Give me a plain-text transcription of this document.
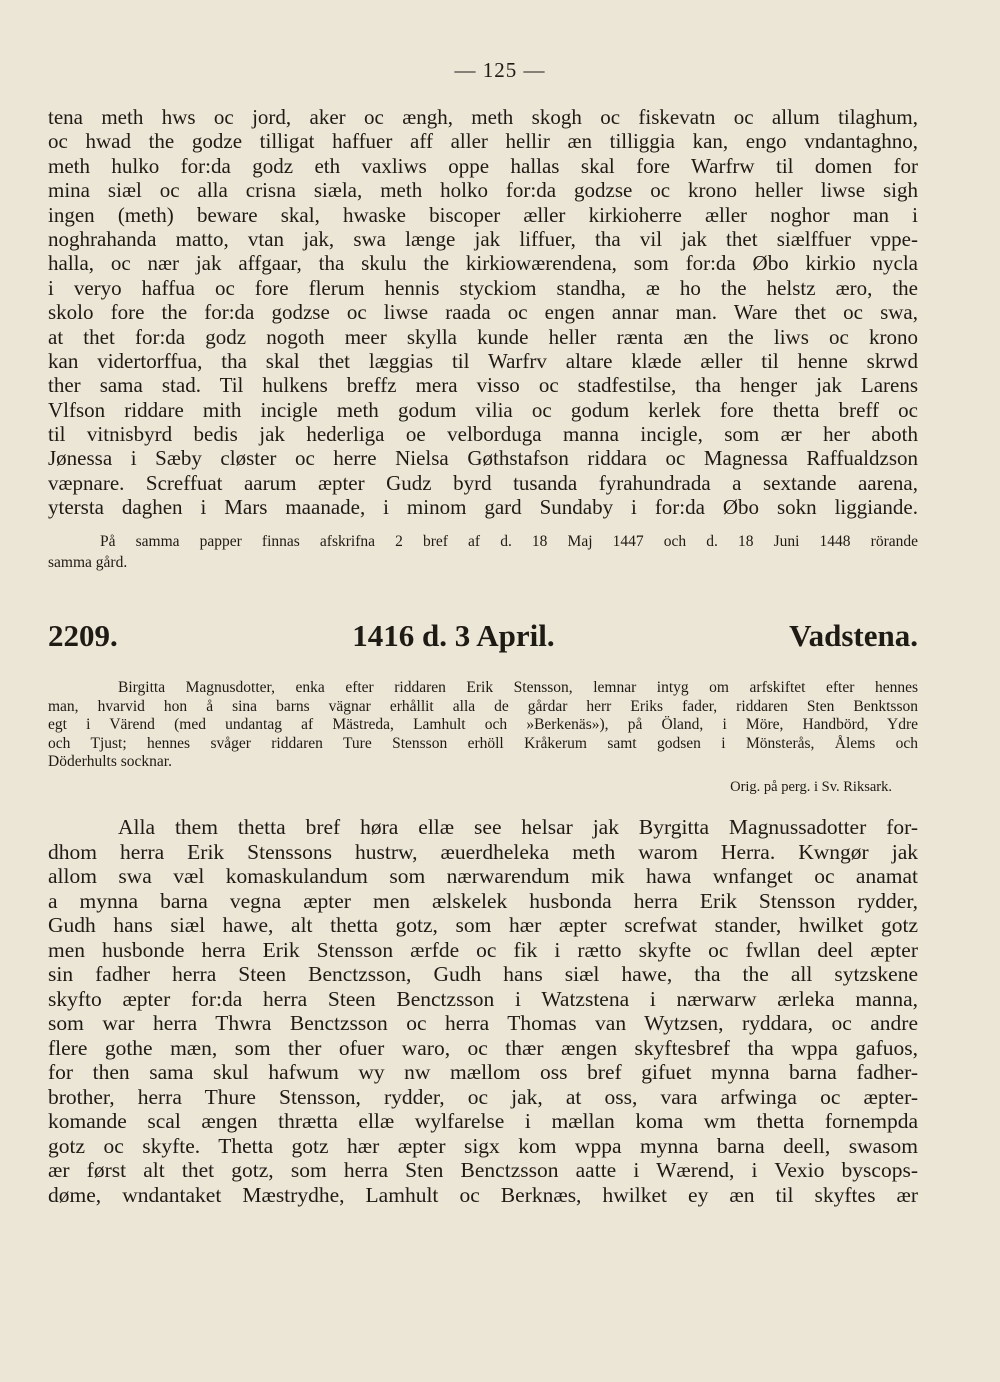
— 125 —
tena meth hws oc jord, aker oc ængh, meth skogh oc fiskevatn oc allum tilaghum,
oc hwad the godze tilligat haffuer aff aller hellir æn tilliggia kan, engo vndantaghno,
meth hulko for:da godz eth vaxliws oppe hallas skal fore Warfrw til domen for
mina siæl oc alla crisna siæla, meth holko for:da godzse oc krono heller liwse sigh
ingen (meth) beware skal, hwaske biscoper æller kirkioherre æller noghor man i
noghrahanda matto, vtan jak, swa længe jak liffuer, tha vil jak thet siælffuer vppe-
halla, oc nær jak affgaar, tha skulu the kirkiowærendena, som for:da Øbo kirkio nycla
i veryo haffua oc fore flerum hennis styckiom standha, æ ho the helstz æro, the
skolo fore the for:da godzse oc liwse raada oc engen annar man. Ware thet oc swa,
at thet for:da godz nogoth meer skylla kunde heller rænta æn the liws oc krono
kan vidertorffua, tha skal thet læggias til Warfrv altare klæde æller til henne skrwd
ther sama stad. Til hulkens breffz mera visso oc stadfestilse, tha henger jak Larens
Vlfson riddare mith incigle meth godum vilia oc godum kerlek fore thetta breff oc
til vitnisbyrd bedis jak hederliga oe velborduga manna incigle, som ær her aboth
Jønessa i Sæby cløster oc herre Nielsa Gøthstafson riddara oc Magnessa Raffualdzson
væpnare. Screffuat aarum æpter Gudz byrd tusanda fyrahundrada a sextande aarena,
ytersta daghen i Mars maanade, i minom gard Sundaby i for:da Øbo sokn liggiande.
På samma papper finnas afskrifna 2 bref af d. 18 Maj 1447 och d. 18 Juni 1448 rörande
samma gård.
2209.	1416 d. 3 April.	Vadstena.
Birgitta Magnusdotter, enka efter riddaren Erik Stensson, lemnar intyg om arfskiftet efter hennes
man, hvarvid hon å sina barns vägnar erhållit alla de gårdar herr Eriks fader, riddaren Sten Benktsson
egt i Värend (med undantag af Mästreda, Lamhult och »Berkenäs»), på Öland, i Möre, Handbörd, Ydre
och Tjust; hennes svåger riddaren Ture Stensson erhöll Kråkerum samt godsen i Mönsterås, Ålems och
Döderhults socknar.
Orig. på perg. i Sv. Riksark.
Alla them thetta bref høra ellæ see helsar jak Byrgitta Magnussadotter for-
dhom herra Erik Stenssons hustrw, æuerdheleka meth warom Herra. Kwngør jak
allom swa væl komaskulandum som nærwarendum mik hawa wnfanget oc anamat
a mynna barna vegna æpter men ælskelek husbonda herra Erik Stensson rydder,
Gudh hans siæl hawe, alt thetta gotz, som hær æpter screfwat stander, hwilket gotz
men husbonde herra Erik Stensson ærfde oc fik i rætto skyfte oc fwllan deel æpter
sin fadher herra Steen Benctzsson, Gudh hans siæl hawe, tha the all sytzskene
skyfto æpter for:da herra Steen Benctzsson i Watzstena i nærwarw ærleka manna,
som war herra Thwra Benctzsson oc herra Thomas van Wytzsen, ryddara, oc andre
flere gothe mæn, som ther ofuer waro, oc thær ængen skyftesbref tha wppa gafuos,
for then sama skul hafwum wy nw mællom oss bref gifuet mynna barna fadher-
brother, herra Thure Stensson, rydder, oc jak, at oss, vara arfwinga oc æpter-
komande scal ængen thrætta ellæ wylfarelse i mællan koma wm thetta fornempda
gotz oc skyfte. Thetta gotz hær æpter sigx kom wppa mynna barna deell, swasom
ær først alt thet gotz, som herra Sten Benctzsson aatte i Wærend, i Vexio byscops-
døme, wndantaket Mæstrydhe, Lamhult oc Berknæs, hwilket ey æn til skyftes ær
